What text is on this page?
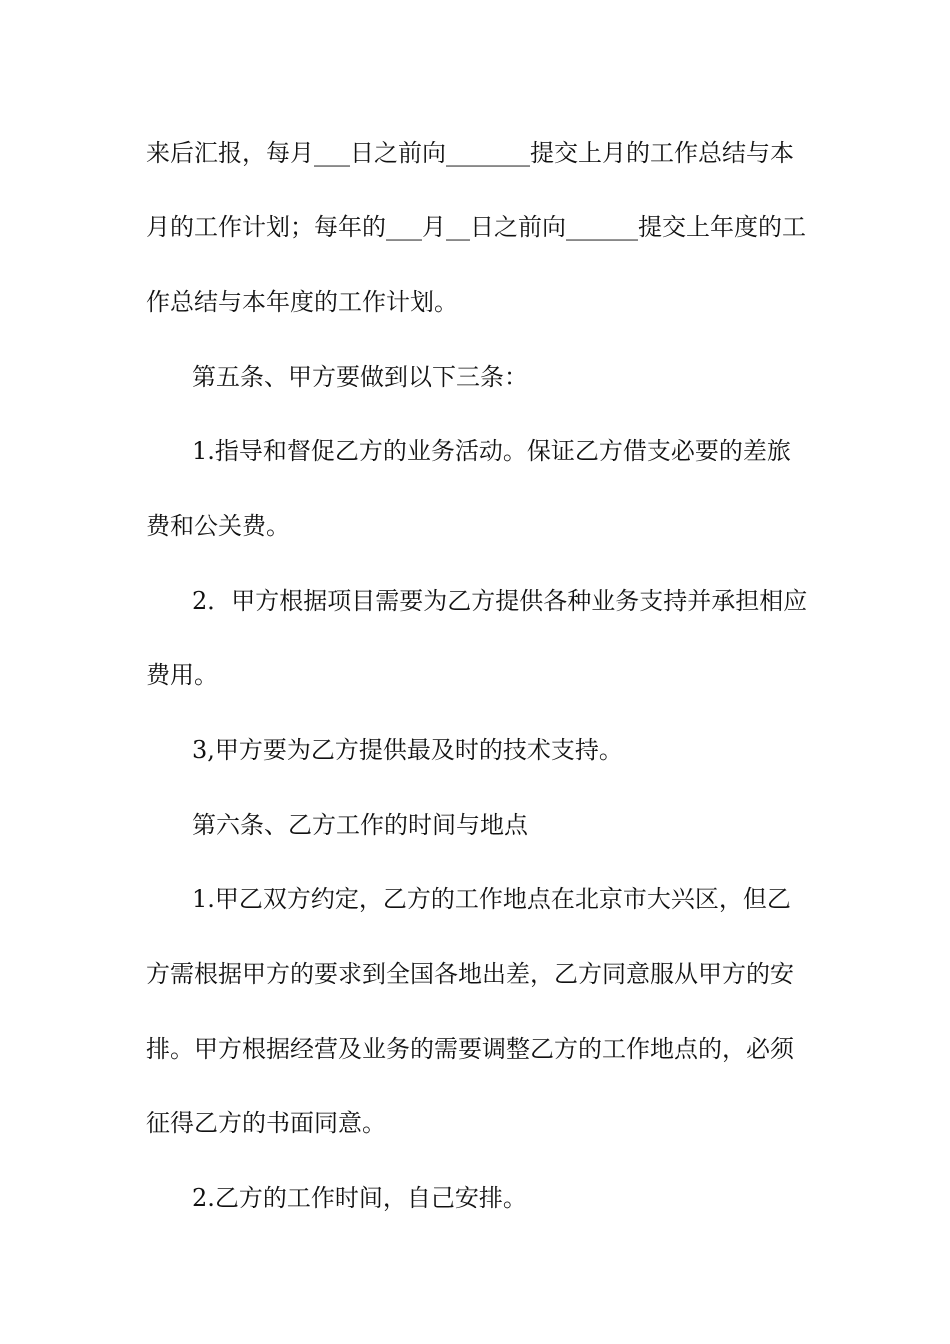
来后汇报，每月___日之前向_______提交上月的工作总结与本
月的工作计划；每年的___月__日之前向______提交上年度的工
作总结与本年度的工作计划。
第五条、甲方要做到以下三条：
1.指导和督促乙方的业务活动。保证乙方借支必要的差旅
费和公关费。
2．甲方根据项目需要为乙方提供各种业务支持并承担相应
费用。
3,甲方要为乙方提供最及时的技术支持。
第六条、乙方工作的时间与地点
1.甲乙双方约定，乙方的工作地点在北京市大兴区，但乙
方需根据甲方的要求到全国各地出差，乙方同意服从甲方的安
排。甲方根据经营及业务的需要调整乙方的工作地点的，必须
征得乙方的书面同意。
2.乙方的工作时间，自己安排。
